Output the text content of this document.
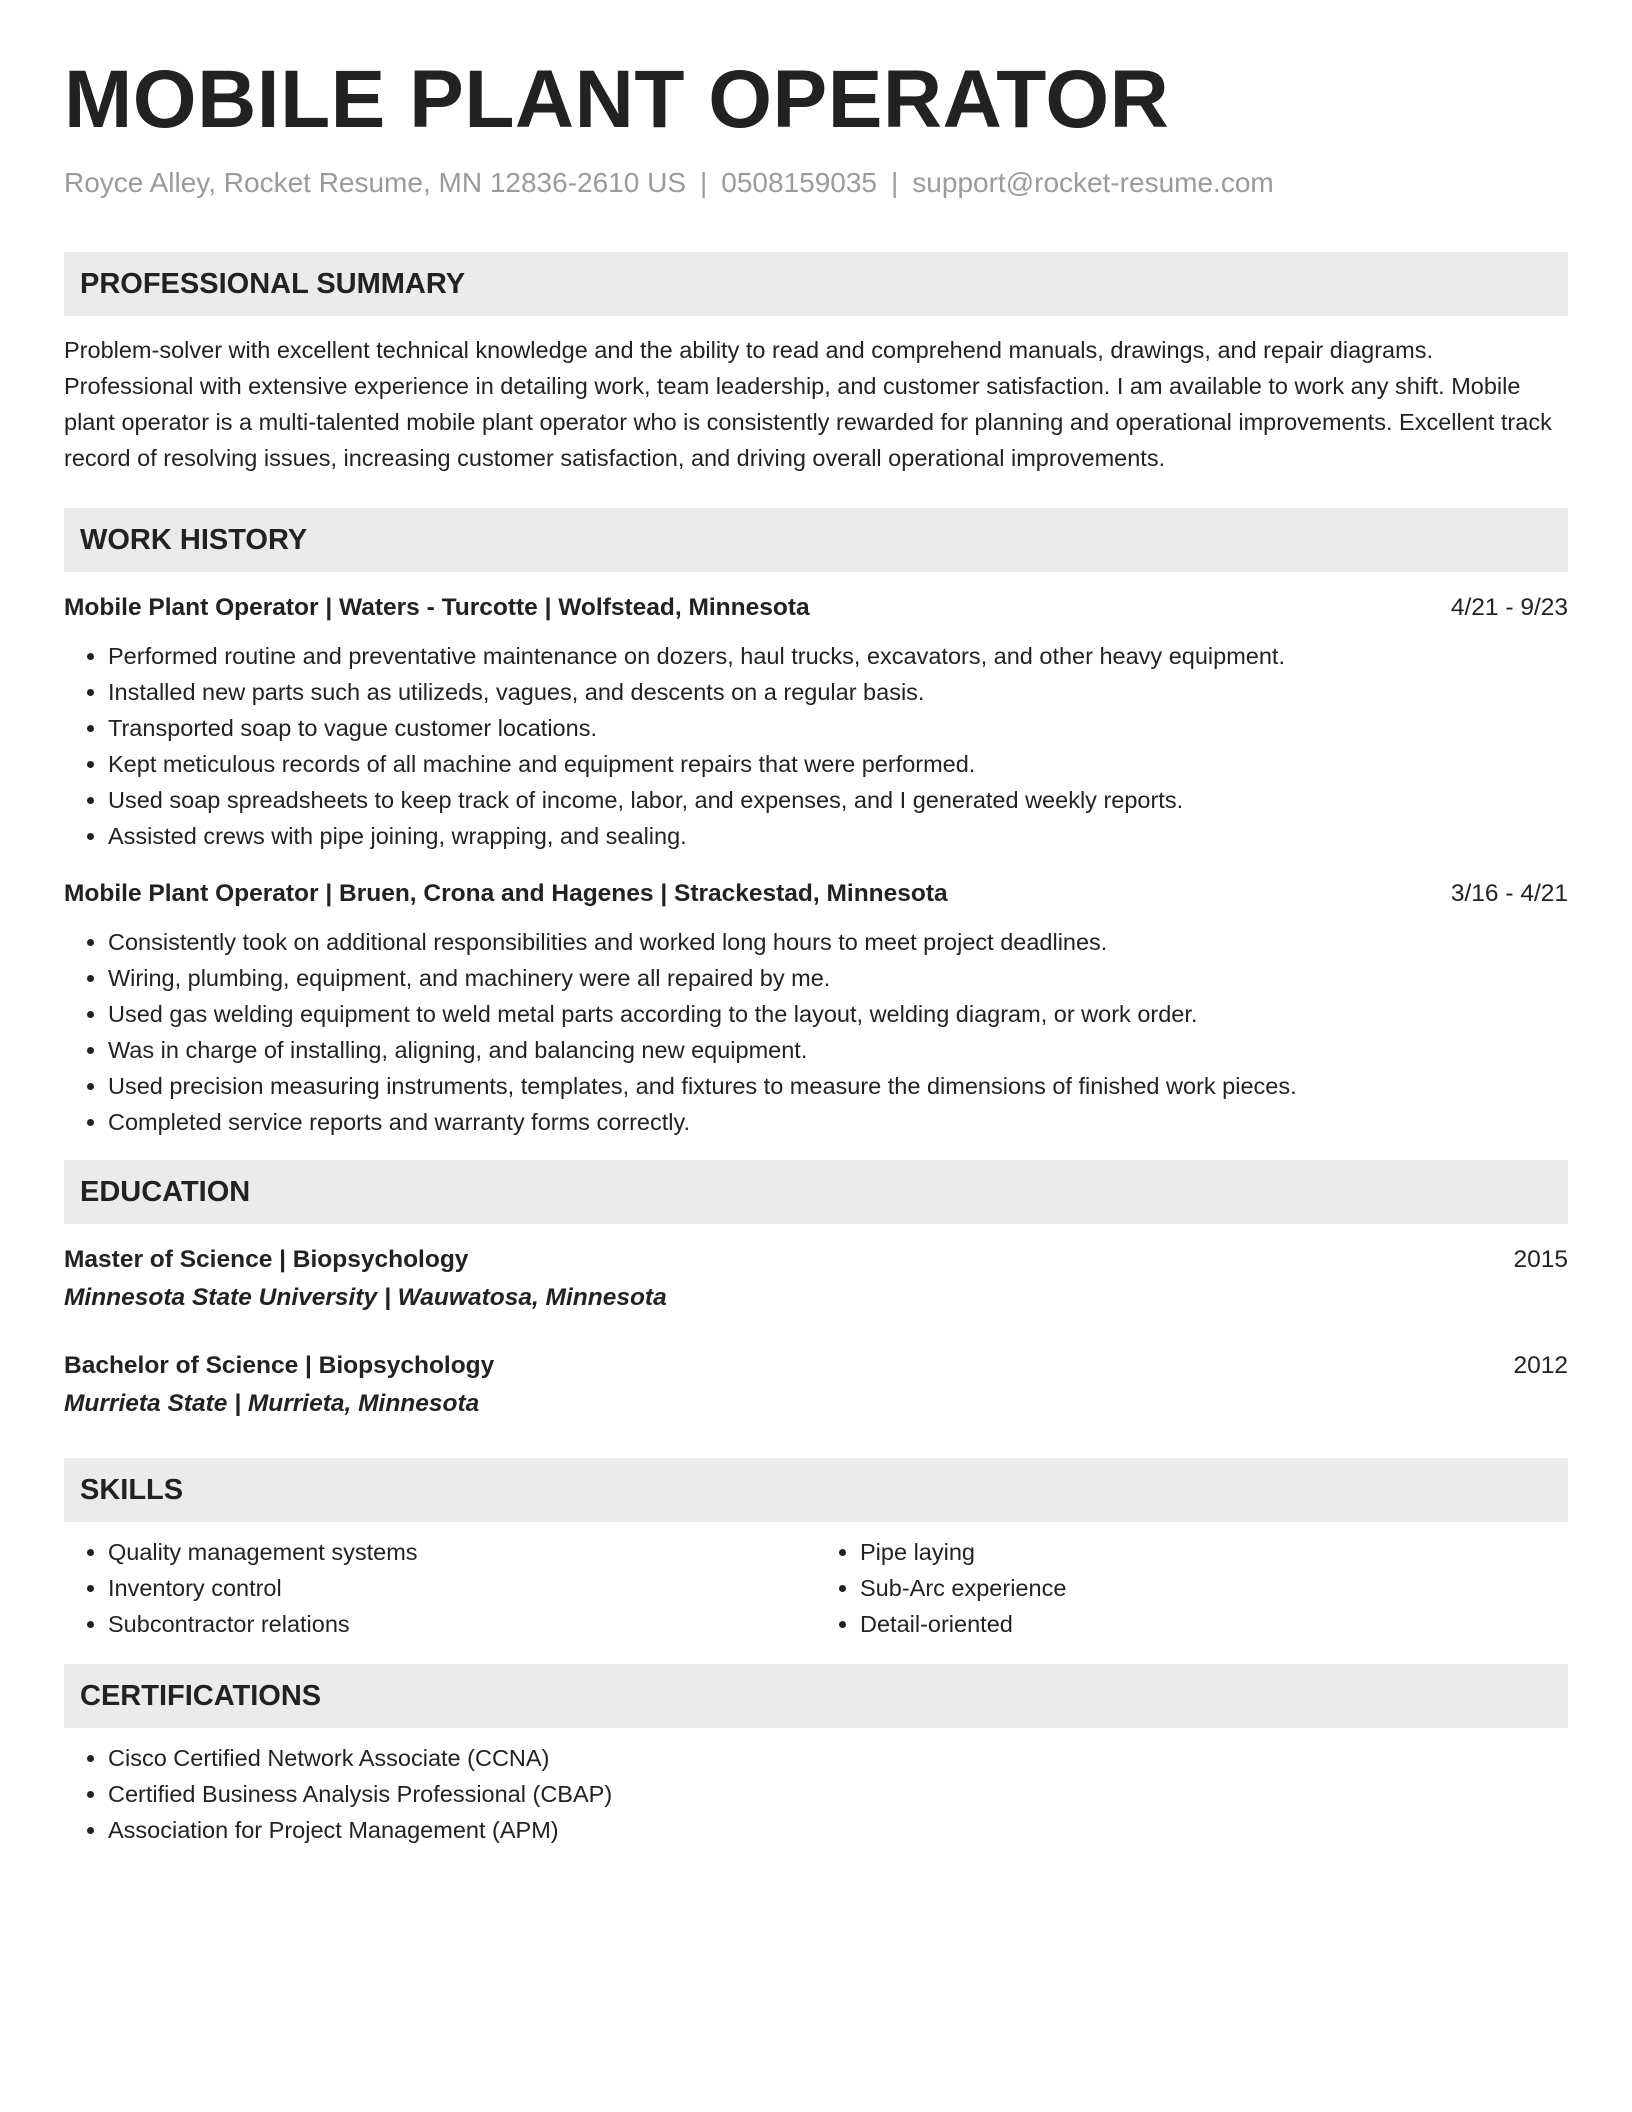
MOBILE PLANT OPERATOR
Royce Alley, Rocket Resume, MN 12836-2610 US | 0508159035 | support@rocket-resume.com
PROFESSIONAL SUMMARY
Problem-solver with excellent technical knowledge and the ability to read and comprehend manuals, drawings, and repair diagrams. Professional with extensive experience in detailing work, team leadership, and customer satisfaction. I am available to work any shift. Mobile plant operator is a multi-talented mobile plant operator who is consistently rewarded for planning and operational improvements. Excellent track record of resolving issues, increasing customer satisfaction, and driving overall operational improvements.
WORK HISTORY
Mobile Plant Operator | Waters - Turcotte | Wolfstead, Minnesota	4/21 - 9/23
• Performed routine and preventative maintenance on dozers, haul trucks, excavators, and other heavy equipment.
• Installed new parts such as utilizeds, vagues, and descents on a regular basis.
• Transported soap to vague customer locations.
• Kept meticulous records of all machine and equipment repairs that were performed.
• Used soap spreadsheets to keep track of income, labor, and expenses, and I generated weekly reports.
• Assisted crews with pipe joining, wrapping, and sealing.
Mobile Plant Operator | Bruen, Crona and Hagenes | Strackestad, Minnesota	3/16 - 4/21
• Consistently took on additional responsibilities and worked long hours to meet project deadlines.
• Wiring, plumbing, equipment, and machinery were all repaired by me.
• Used gas welding equipment to weld metal parts according to the layout, welding diagram, or work order.
• Was in charge of installing, aligning, and balancing new equipment.
• Used precision measuring instruments, templates, and fixtures to measure the dimensions of finished work pieces.
• Completed service reports and warranty forms correctly.
EDUCATION
Master of Science | Biopsychology	2015
Minnesota State University | Wauwatosa, Minnesota
Bachelor of Science | Biopsychology	2012
Murrieta State | Murrieta, Minnesota
SKILLS
• Quality management systems
• Inventory control
• Subcontractor relations
• Pipe laying
• Sub-Arc experience
• Detail-oriented
CERTIFICATIONS
• Cisco Certified Network Associate (CCNA)
• Certified Business Analysis Professional (CBAP)
• Association for Project Management (APM)
